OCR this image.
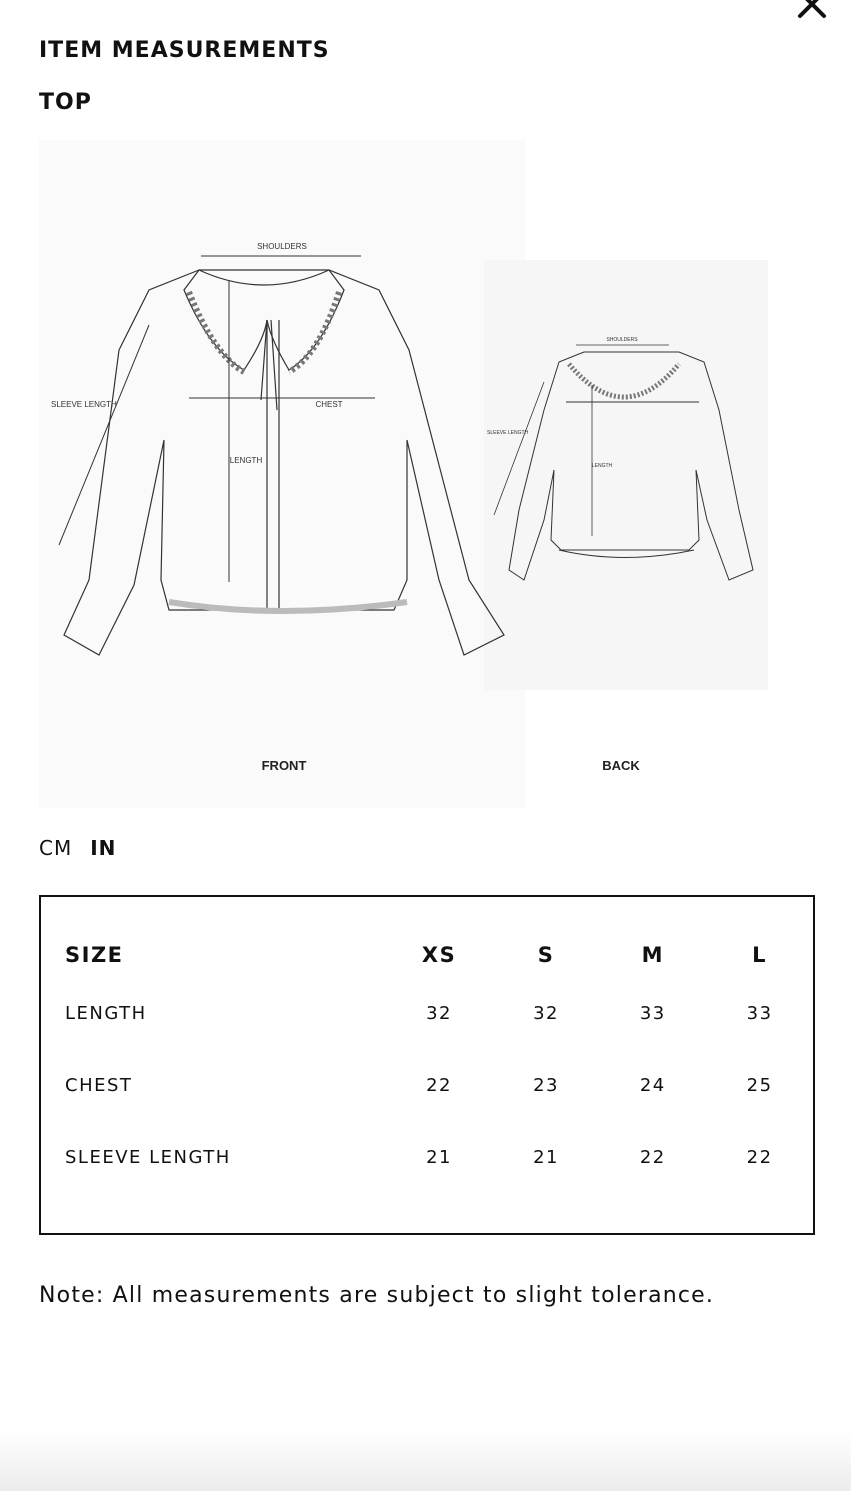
ITEM MEASUREMENTS
TOP
SHOULDERS
CHEST
LENGTH
SLEEVE LENGTH
SHOULDERS
LENGTH
SLEEVE LENGTH
FRONT	BACK
CM IN
SIZE	XS	S	M	L
LENGTH	32	32	33	33
CHEST	22	23	24	25
SLEEVE LENGTH	21	21	22	22

Note: All measurements are subject to slight tolerance.
